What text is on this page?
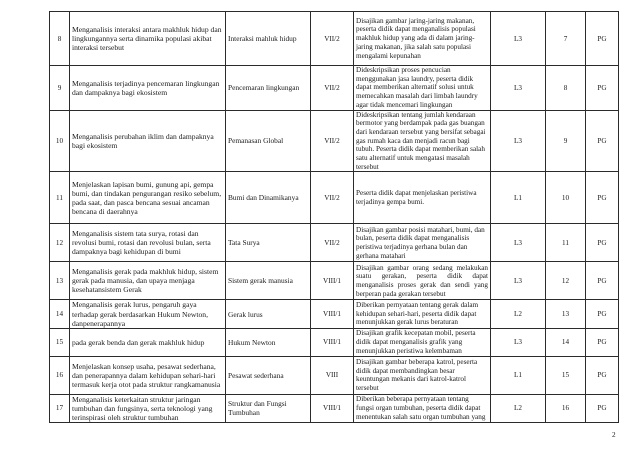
8	Menganalisis interaksi antara makhluk hidup dan lingkungannya serta dinamika populasi akibat interaksi tersebut	Interaksi mahluk hidup	VII/2	Disajikan gambar jaring-jaring makanan, peserta didik dapat menganalisis populasi makhluk hidup yang ada di dalam jaring-jaring makanan, jika salah satu populasi mengalami kepunahan	L3	7	PG
9	Menganalisis terjadinya pencemaran lingkungan dan dampaknya bagi ekosistem	Pencemaran lingkungan	VII/2	Dideskripsikan proses pencucian menggunakan jasa laundry, peserta didik dapat memberikan alternatif solusi untuk memecahkan masalah dari limbah laundry agar tidak mencemari lingkungan	L3	8	PG
10	Menganalisis perubahan iklim dan dampaknya bagi ekosistem	Pemanasan Global	VII/2	Dideskripsikan tentang jumlah kendaraan bermotor yang berdampak pada gas buangan dari kendaraan tersebut yang bersifat sebagai gas rumah kaca dan menjadi racun bagi tubuh. Peserta didik dapat memberikan salah satu alternatif untuk mengatasi masalah tersebut	L3	9	PG
11	Menjelaskan lapisan bumi, gunung api, gempa bumi, dan tindakan pengurangan resiko sebelum, pada saat, dan pasca bencana sesuai ancaman bencana di daerahnya	Bumi dan Dinamikanya	VII/2	Peserta didik dapat menjelaskan peristiwa terjadinya gempa bumi.	L1	10	PG
12	Menganalisis sistem tata surya, rotasi dan revolusi bumi, rotasi dan revolusi bulan, serta dampaknya bagi kehidupan di bumi	Tata Surya	VII/2	Disajikan gambar posisi matahari, bumi, dan bulan, peserta didik dapat menganalisis peristiwa terjadinya gerhana bulan dan gerhana matahari	L3	11	PG
13	Menganalisis gerak pada makhluk hidup, sistem gerak pada manusia, dan upaya menjaga kesehatansistem Gerak	Sistem gerak manusia	VIII/1	Disajikan gambar orang sedang melakukan suatu gerakan, peserta didik dapat menganalisis proses gerak dan sendi yang berperan pada gerakan tersebut	L3	12	PG
14	Menganalisis gerak lurus, pengaruh gaya terhadap gerak berdasarkan Hukum Newton, danpenerapannya	Gerak lurus	VIII/1	Diberikan pernyataan tentang gerak dalam kehidupan sehari-hari, peserta didik dapat menunjukkan gerak lurus beraturan	L2	13	PG
15	pada gerak benda dan gerak makhluk hidup	Hukum Newton	VIII/1	Disajikan grafik kecepatan mobil, peserta didik dapat menganalisis grafik yang menunjukkan peristiwa kelembaman	L3	14	PG
16	Menjelaskan konsep usaha, pesawat sederhana, dan penerapannya dalam kehidupan sehari-hari termasuk kerja otot pada struktur rangkamanusia	Pesawat sederhana	VIII	Disajikan gambar beberapa katrol, peserta didik dapat membandingkan besar keuntungan mekanis dari katrol-katrol tersebut	L1	15	PG
17	Menganalisis keterkaitan struktur jaringan tumbuhan dan fungsinya, serta teknologi yang terinspirasi oleh struktur tumbuhan	Struktur dan Fungsi Tumbuhan	VIII/1	Diberikan beberapa pernyataan tentang fungsi organ tumbuhan, peserta didik dapat menentukan salah satu organ tumbuhan yang	L2	16	PG
2
